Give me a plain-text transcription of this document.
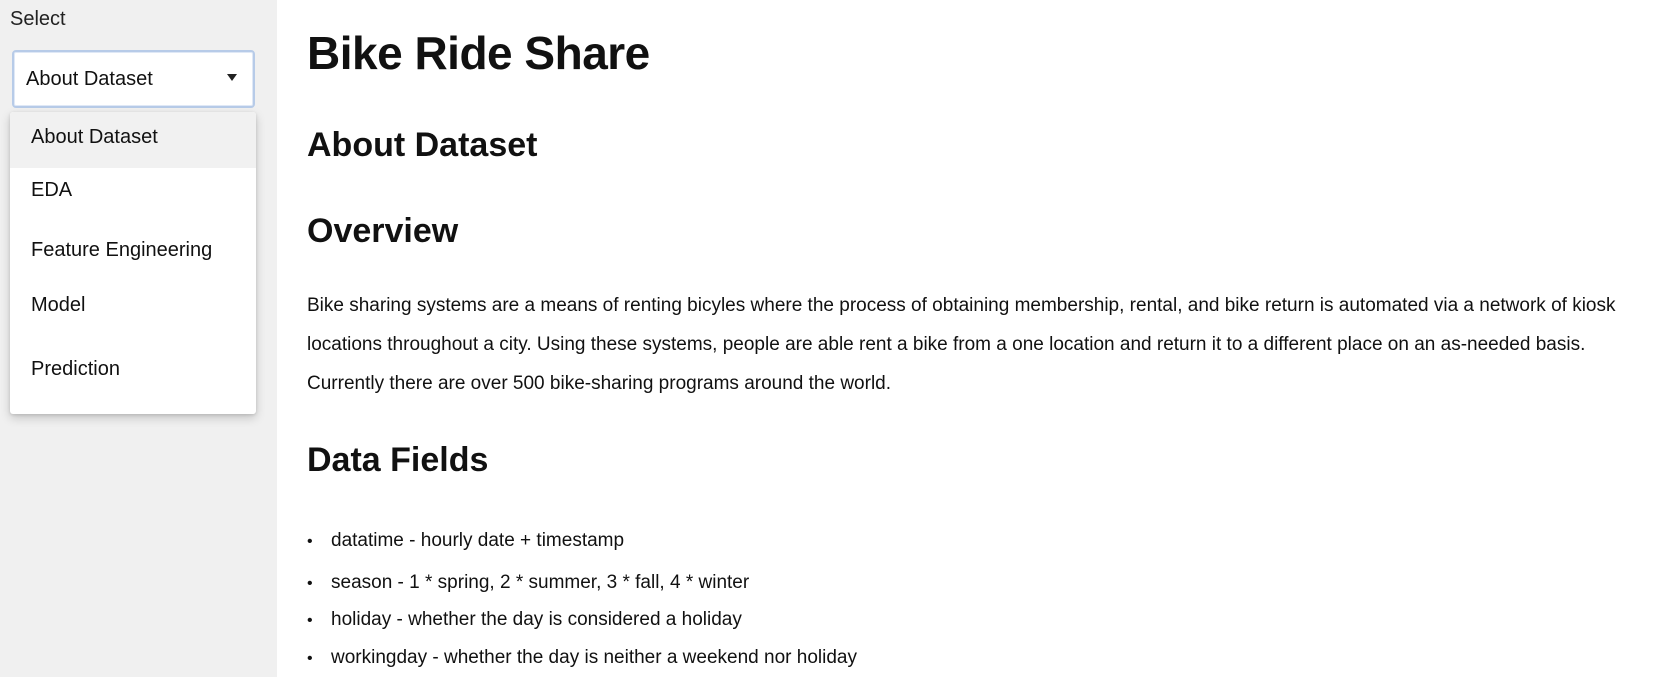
Select
About Dataset
About Dataset
EDA
Feature Engineering
Model
Prediction
Bike Ride Share
About Dataset
Overview

Bike sharing systems are a means of renting bicyles where the process of obtaining membership, rental, and bike return is automated via a network of kiosk locations throughout a city. Using these systems, people are able rent a bike from a one location and return it to a different place on an as-needed basis. Currently there are over 500 bike-sharing programs around the world.

Data Fields
• datatime - hourly date + timestamp
• season - 1 * spring, 2 * summer, 3 * fall, 4 * winter
• holiday - whether the day is considered a holiday
• workingday - whether the day is neither a weekend nor holiday
